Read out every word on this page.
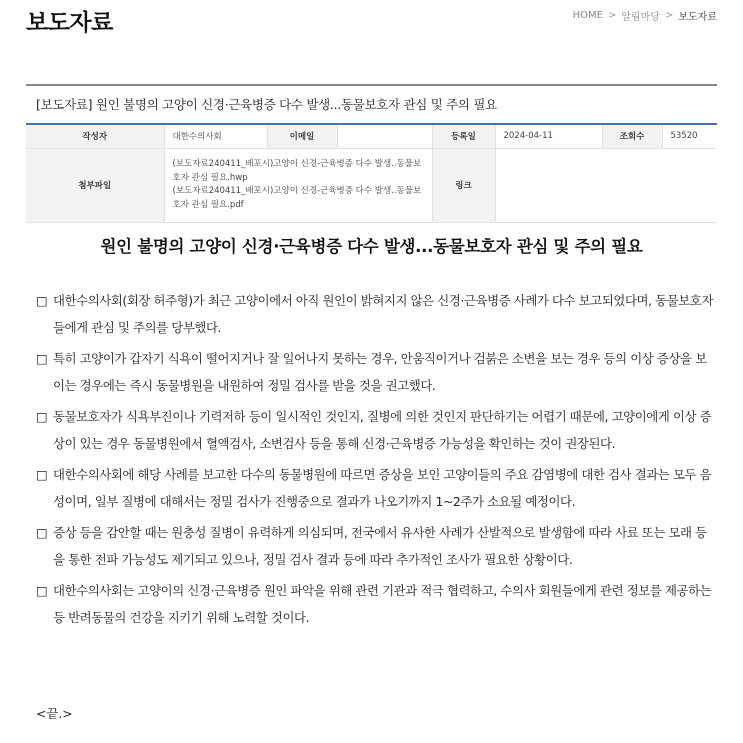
보도자료	HOME > 알림마당 > 보도자료
[보도자료] 원인 불명의 고양이 신경·근육병증 다수 발생...동물보호자 관심 및 주의 필요
작성자	대한수의사회	이메일		등록일	2024-04-11	조회수	53520
첨부파일	(보도자료240411_배포시)고양이 신경-근육병증 다수 발생..동물보호자 관심 필요.hwp
(보도자료240411_배포시)고양이 신경-근육병증 다수 발생..동물보호자 관심 필요.pdf			링크			
원인 불명의 고양이 신경·근육병증 다수 발생...동물보호자 관심 및 주의 필요
□ 대한수의사회(회장 허주형)가 최근 고양이에서 아직 원인이 밝혀지지 않은 신경·근육병증 사례가 다수 보고되었다며, 동물보호자들에게 관심 및 주의를 당부했다.
□ 특히 고양이가 갑자기 식욕이 떨어지거나 잘 일어나지 못하는 경우, 안움직이거나 검붉은 소변을 보는 경우 등의 이상 증상을 보이는 경우에는 즉시 동물병원을 내원하여 정밀 검사를 받을 것을 권고했다.
□ 동물보호자가 식욕부진이나 기력저하 등이 일시적인 것인지, 질병에 의한 것인지 판단하기는 어렵기 때문에, 고양이에게 이상 증상이 있는 경우 동물병원에서 혈액검사, 소변검사 등을 통해 신경·근육병증 가능성을 확인하는 것이 권장된다.
□ 대한수의사회에 해당 사례를 보고한 다수의 동물병원에 따르면 증상을 보인 고양이들의 주요 감염병에 대한 검사 결과는 모두 음성이며, 일부 질병에 대해서는 정밀 검사가 진행중으로 결과가 나오기까지 1~2주가 소요될 예정이다.
□ 증상 등을 감안할 때는 원충성 질병이 유력하게 의심되며, 전국에서 유사한 사례가 산발적으로 발생함에 따라 사료 또는 모래 등을 통한 전파 가능성도 제기되고 있으나, 정밀 검사 결과 등에 따라 추가적인 조사가 필요한 상황이다.
□ 대한수의사회는 고양이의 신경·근육병증 원인 파악을 위해 관련 기관과 적극 협력하고, 수의사 회원들에게 관련 정보를 제공하는 등 반려동물의 건강을 지키기 위해 노력할 것이다.
<끝.>
